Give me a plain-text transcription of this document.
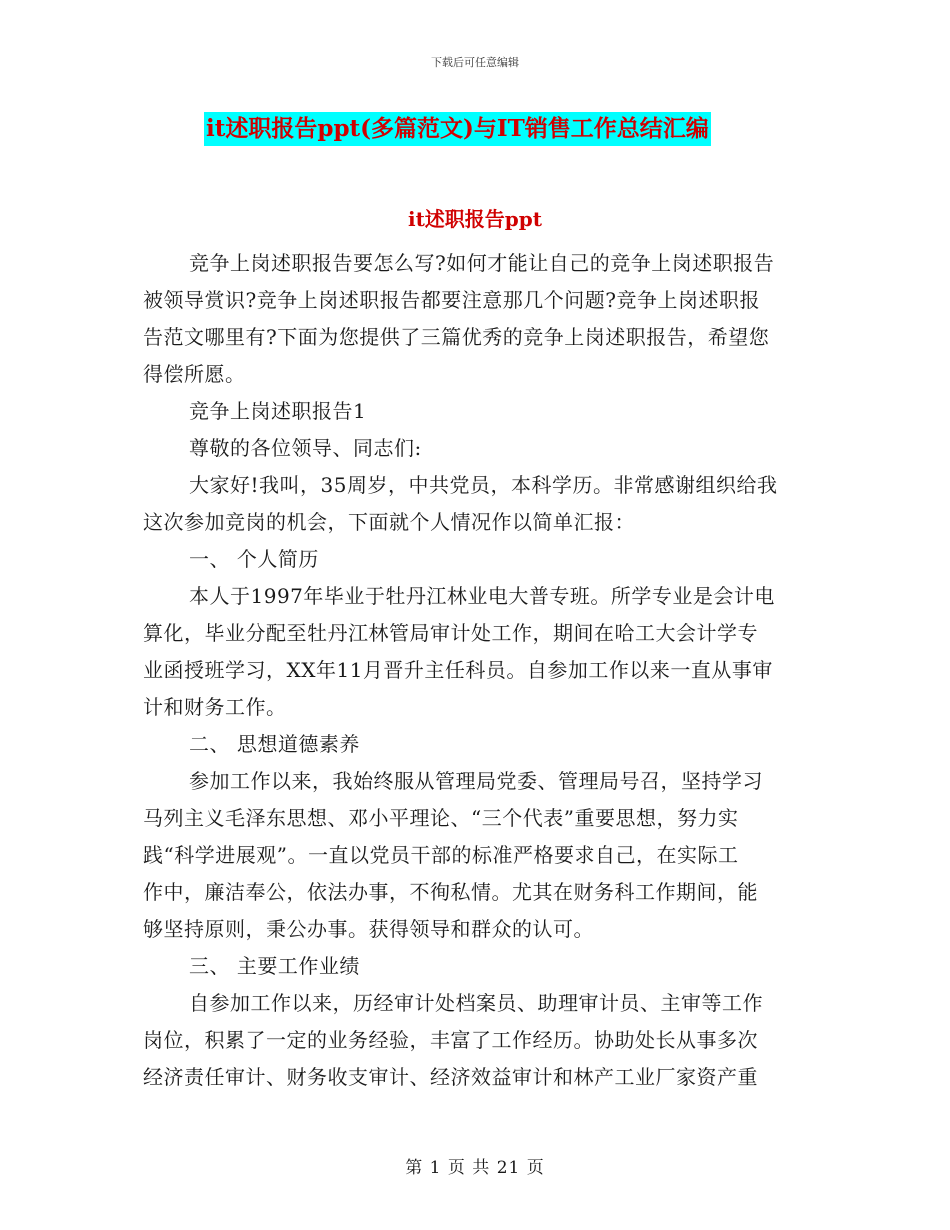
下载后可任意编辑
it述职报告ppt(多篇范文)与IT销售工作总结汇编
it述职报告ppt
竞争上岗述职报告要怎么写?如何才能让自己的竞争上岗述职报告
被领导赏识?竞争上岗述职报告都要注意那几个问题?竞争上岗述职报
告范文哪里有?下面为您提供了三篇优秀的竞争上岗述职报告，希望您
得偿所愿。
竞争上岗述职报告1
尊敬的各位领导、同志们:
大家好!我叫，35周岁，中共党员，本科学历。非常感谢组织给我
这次参加竞岗的机会，下面就个人情况作以简单汇报：
一、 个人简历
本人于1997年毕业于牡丹江林业电大普专班。所学专业是会计电
算化，毕业分配至牡丹江林管局审计处工作，期间在哈工大会计学专
业函授班学习，XX年11月晋升主任科员。自参加工作以来一直从事审
计和财务工作。
二、 思想道德素养
参加工作以来，我始终服从管理局党委、管理局号召，坚持学习
马列主义毛泽东思想、邓小平理论、“三个代表”重要思想，努力实
践“科学进展观”。一直以党员干部的标准严格要求自己，在实际工
作中，廉洁奉公，依法办事，不徇私情。尤其在财务科工作期间，能
够坚持原则，秉公办事。获得领导和群众的认可。
三、 主要工作业绩
自参加工作以来，历经审计处档案员、助理审计员、主审等工作
岗位，积累了一定的业务经验，丰富了工作经历。协助处长从事多次
经济责任审计、财务收支审计、经济效益审计和林产工业厂家资产重
第 1 页 共 21 页
